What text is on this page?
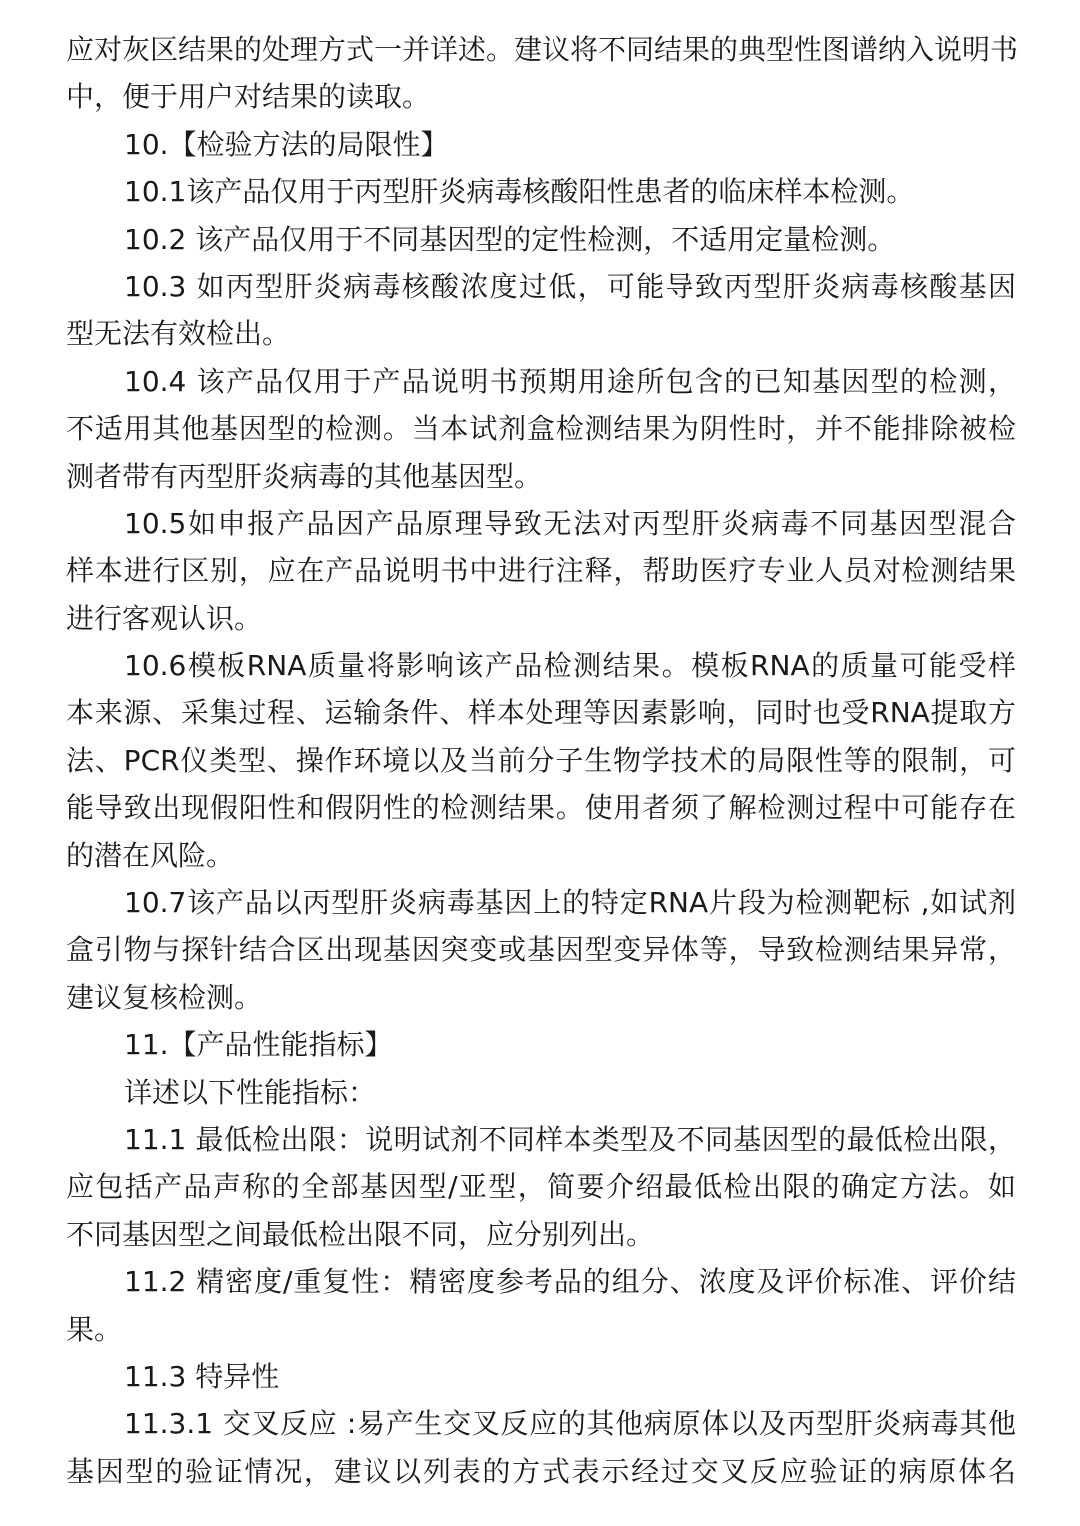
应对灰区结果的处理方式一并详述。建议将不同结果的典型性图谱纳入说明书
中，便于用户对结果的读取。
10.【检验方法的局限性】
10.1该产品仅用于丙型肝炎病毒核酸阳性患者的临床样本检测。
10.2 该产品仅用于不同基因型的定性检测，不适用定量检测。
10.3 如丙型肝炎病毒核酸浓度过低，可能导致丙型肝炎病毒核酸基因
型无法有效检出。
10.4 该产品仅用于产品说明书预期用途所包含的已知基因型的检测，
不适用其他基因型的检测。当本试剂盒检测结果为阴性时，并不能排除被检
测者带有丙型肝炎病毒的其他基因型。
10.5如申报产品因产品原理导致无法对丙型肝炎病毒不同基因型混合
样本进行区别，应在产品说明书中进行注释，帮助医疗专业人员对检测结果
进行客观认识。
10.6模板RNA质量将影响该产品检测结果。模板RNA的质量可能受样
本来源、采集过程、运输条件、样本处理等因素影响，同时也受RNA提取方
法、PCR仪类型、操作环境以及当前分子生物学技术的局限性等的限制，可
能导致出现假阳性和假阴性的检测结果。使用者须了解检测过程中可能存在
的潜在风险。
10.7该产品以丙型肝炎病毒基因上的特定RNA片段为检测靶标 ,如试剂
盒引物与探针结合区出现基因突变或基因型变异体等，导致检测结果异常，
建议复核检测。
11.【产品性能指标】
详述以下性能指标：
11.1 最低检出限：说明试剂不同样本类型及不同基因型的最低检出限，
应包括产品声称的全部基因型/亚型，简要介绍最低检出限的确定方法。如
不同基因型之间最低检出限不同，应分别列出。
11.2 精密度/重复性：精密度参考品的组分、浓度及评价标准、评价结
果。
11.3 特异性
11.3.1 交叉反应 :易产生交叉反应的其他病原体以及丙型肝炎病毒其他
基因型的验证情况，建议以列表的方式表示经过交叉反应验证的病原体名
